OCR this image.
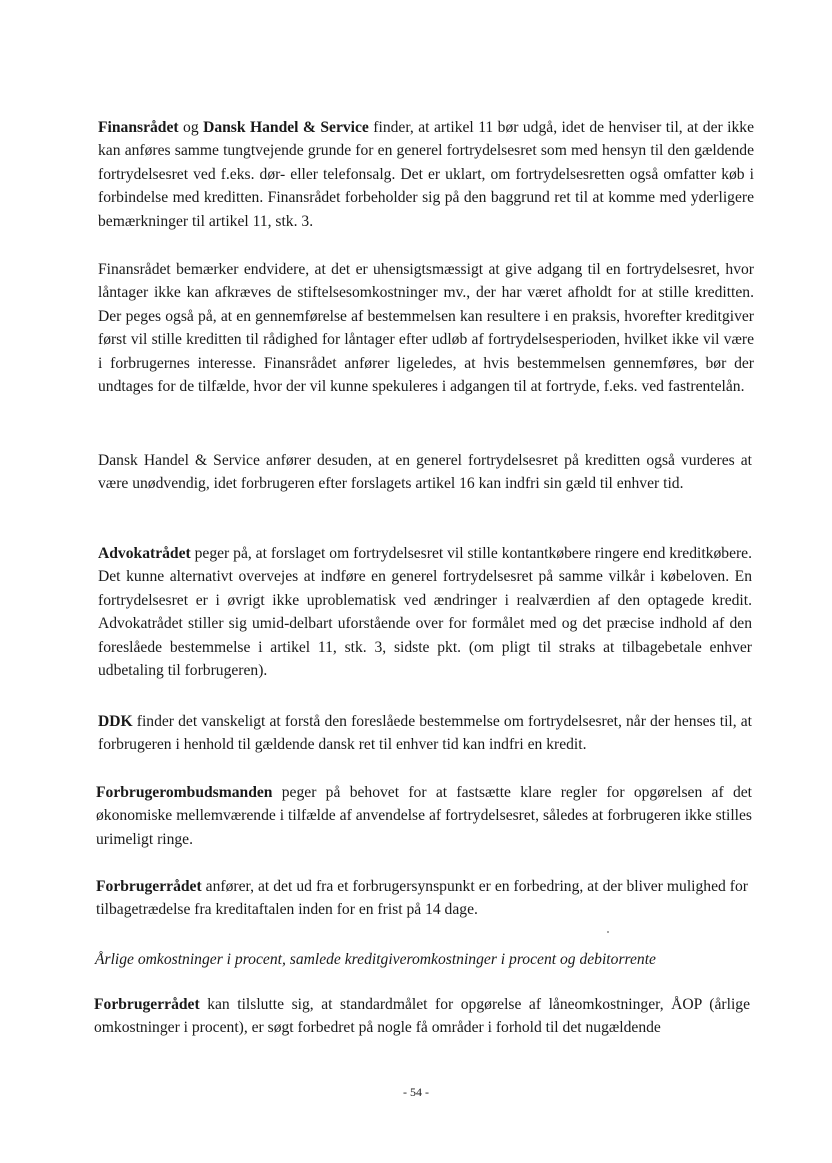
Finansrådet og Dansk Handel & Service finder, at artikel 11 bør udgå, idet de henviser til, at der ikke kan anføres samme tungtvejende grunde for en generel fortrydelsesret som med hensyn til den gældende fortrydelsesret ved f.eks. dør- eller telefonsalg. Det er uklart, om fortrydelsesretten også omfatter køb i forbindelse med kreditten. Finansrådet forbeholder sig på den baggrund ret til at komme med yderligere bemærkninger til artikel 11, stk. 3.

Finansrådet bemærker endvidere, at det er uhensigtsmæssigt at give adgang til en fortrydelsesret, hvor låntager ikke kan afkræves de stiftelsesomkostninger mv., der har været afholdt for at stille kreditten. Der peges også på, at en gennemførelse af bestemmelsen kan resultere i en praksis, hvorefter kreditgiver først vil stille kreditten til rådighed for låntager efter udløb af fortrydelsesperioden, hvilket ikke vil være i forbrugernes interesse. Finansrådet anfører ligeledes, at hvis bestemmelsen gennemføres, bør der undtages for de tilfælde, hvor der vil kunne spekuleres i adgangen til at fortryde, f.eks. ved fastrentelån.

Dansk Handel & Service anfører desuden, at en generel fortrydelsesret på kreditten også vurderes at være unødvendig, idet forbrugeren efter forslagets artikel 16 kan indfri sin gæld til enhver tid.

Advokatrådet peger på, at forslaget om fortrydelsesret vil stille kontantkøbere ringere end kreditkøbere. Det kunne alternativt overvejes at indføre en generel fortrydelsesret på samme vilkår i købeloven. En fortrydelsesret er i øvrigt ikke uproblematisk ved ændringer i realværdien af den optagede kredit. Advokatrådet stiller sig umid-delbart uforstående over for formålet med og det præcise indhold af den foreslåede bestemmelse i artikel 11, stk. 3, sidste pkt. (om pligt til straks at tilbagebetale enhver udbetaling til forbrugeren).

DDK finder det vanskeligt at forstå den foreslåede bestemmelse om fortrydelsesret, når der henses til, at forbrugeren i henhold til gældende dansk ret til enhver tid kan indfri en kredit.

Forbrugerombudsmanden peger på behovet for at fastsætte klare regler for opgørelsen af det økonomiske mellemværende i tilfælde af anvendelse af fortrydelsesret, således at forbrugeren ikke stilles urimeligt ringe.

Forbrugerrådet anfører, at det ud fra et forbrugersynspunkt er en forbedring, at der bliver mulighed for tilbagetrædelse fra kreditaftalen inden for en frist på 14 dage.

Årlige omkostninger i procent, samlede kreditgiveromkostninger i procent og debitorrente

Forbrugerrådet kan tilslutte sig, at standardmålet for opgørelse af låneomkostninger, ÅOP (årlige omkostninger i procent), er søgt forbedret på nogle få områder i forhold til det nugældende

- 54 -
